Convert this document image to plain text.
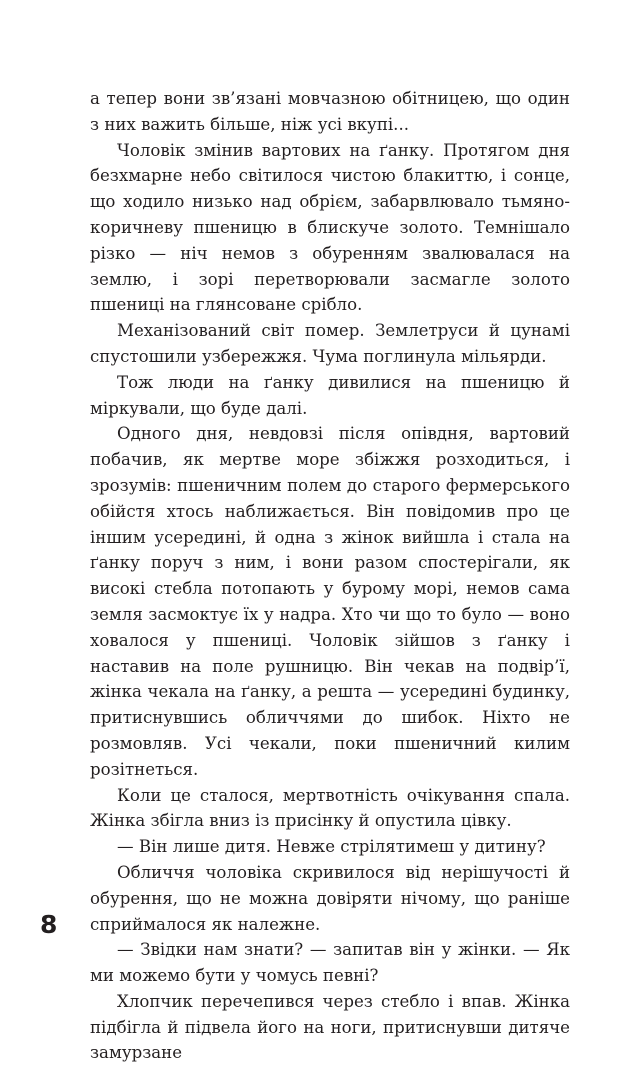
а тепер вони зв’язані мовчазною обітницею, що один з них важить більше, ніж усі вкупі...

Чоловік змінив вартових на ґанку. Протягом дня безхмарне небо світилося чистою блакиттю, і сонце, що ходило низько над обрієм, забарвлювало тьмяно-коричневу пшеницю в блискуче золото. Темнішало різко — ніч немов з обуренням звалювалася на землю, і зорі перетворювали засмагле золото пшениці на глянсоване срібло.

Механізований світ помер. Землетруси й цунамі спустошили узбережжя. Чума поглинула мільярди.

Тож люди на ґанку дивилися на пшеницю й міркували, що буде далі.

Одного дня, невдовзі після опівдня, вартовий побачив, як мертве море збіжжя розходиться, і зрозумів: пшеничним полем до старого фермерського обійстя хтось наближається. Він повідомив про це іншим усередині, й одна з жінок вийшла і стала на ґанку поруч з ним, і вони разом спостерігали, як високі стебла потопають у бурому морі, немов сама земля засмоктує їх у надра. Хто чи що то було — воно ховалося у пшениці. Чоловік зійшов з ґанку і наставив на поле рушницю. Він чекав на подвір’ї, жінка чекала на ґанку, а решта — усередині будинку, притиснувшись обличчями до шибок. Ніхто не розмовляв. Усі чекали, поки пшеничний килим розітнеться.

Коли це сталося, мертвотність очікування спала. Жінка збігла вниз із присінку й опустила цівку.

— Він лише дитя. Невже стрілятимеш у дитину?

Обличчя чоловіка скривилося від нерішучості й обурення, що не можна довіряти нічому, що раніше сприймалося як належне.

— Звідки нам знати? — запитав він у жінки. — Як ми можемо бути у чомусь певні?

Хлопчик перечепився через стебло і впав. Жінка підбігла й підвела його на ноги, притиснувши дитяче замурзане

8
